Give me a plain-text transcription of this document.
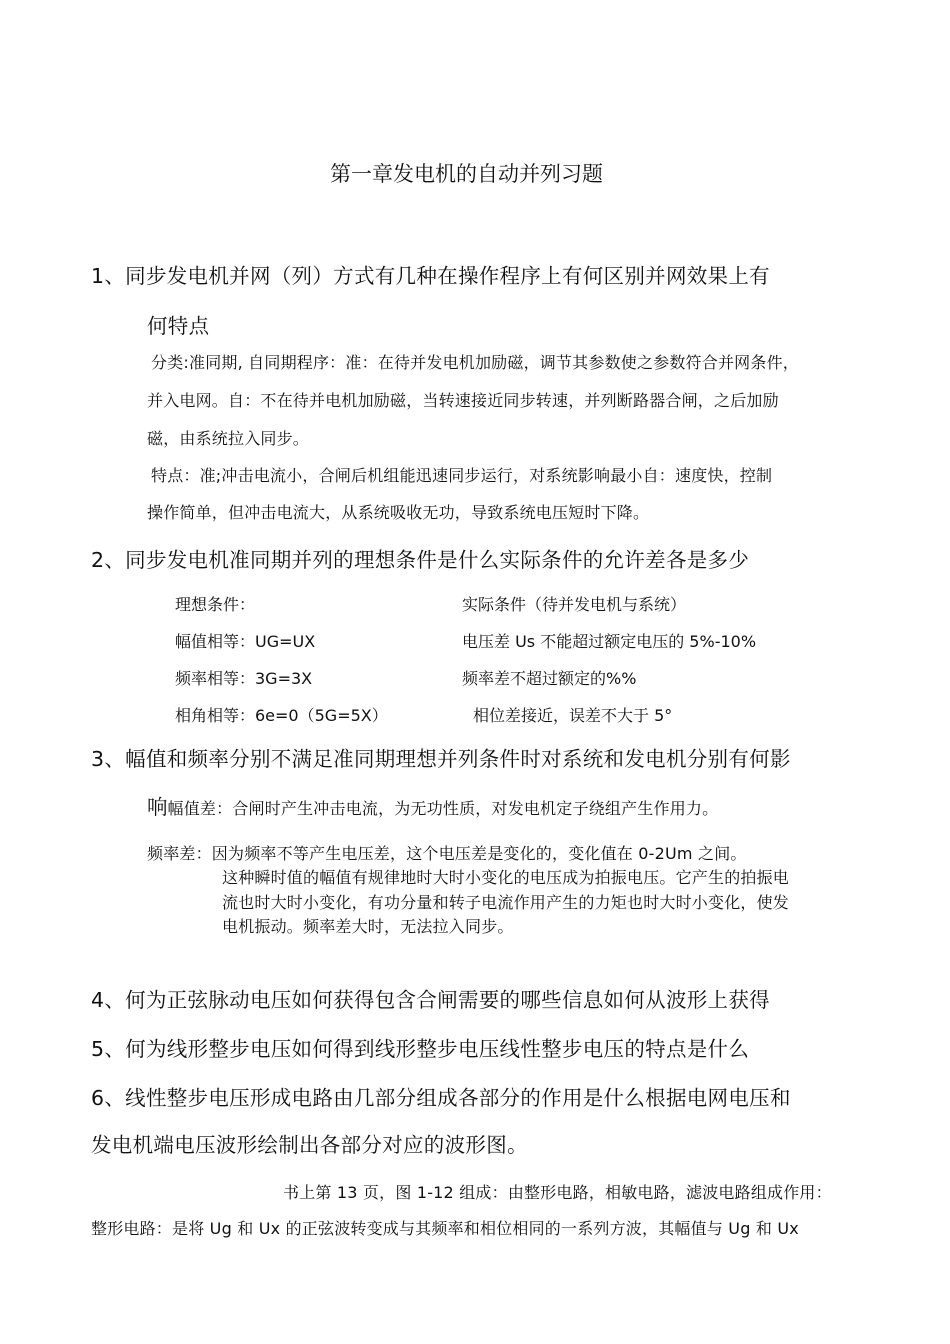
第一章发电机的自动并列习题
1、同步发电机并网（列）方式有几种在操作程序上有何区别并网效果上有
何特点
分类:准同期, 自同期程序：准：在待并发电机加励磁，调节其参数使之参数符合并网条件，
并入电网。自：不在待并电机加励磁，当转速接近同步转速，并列断路器合闸，之后加励
磁，由系统拉入同步。
特点：准;冲击电流小，合闸后机组能迅速同步运行，对系统影响最小自：速度快，控制
操作简单，但冲击电流大，从系统吸收无功，导致系统电压短时下降。
2、同步发电机准同期并列的理想条件是什么实际条件的允许差各是多少
理想条件：	实际条件（待并发电机与系统）
幅值相等：UG=UX	电压差 Us 不能超过额定电压的 5%-10%
频率相等：3G=3X	频率差不超过额定的%%
相角相等：6e=0（5G=5X）	相位差接近，误差不大于 5°
3、幅值和频率分别不满足准同期理想并列条件时对系统和发电机分别有何影
响幅值差：合闸时产生冲击电流，为无功性质，对发电机定子绕组产生作用力。
频率差：因为频率不等产生电压差，这个电压差是变化的，变化值在 0-2Um 之间。
这种瞬时值的幅值有规律地时大时小变化的电压成为拍振电压。它产生的拍振电
流也时大时小变化，有功分量和转子电流作用产生的力矩也时大时小变化，使发
电机振动。频率差大时，无法拉入同步。
4、何为正弦脉动电压如何获得包含合闸需要的哪些信息如何从波形上获得
5、何为线形整步电压如何得到线形整步电压线性整步电压的特点是什么
6、线性整步电压形成电路由几部分组成各部分的作用是什么根据电网电压和
发电机端电压波形绘制出各部分对应的波形图。
书上第 13 页，图 1-12 组成：由整形电路，相敏电路，滤波电路组成作用：
整形电路：是将 Ug 和 Ux 的正弦波转变成与其频率和相位相同的一系列方波，其幅值与 Ug 和 Ux
